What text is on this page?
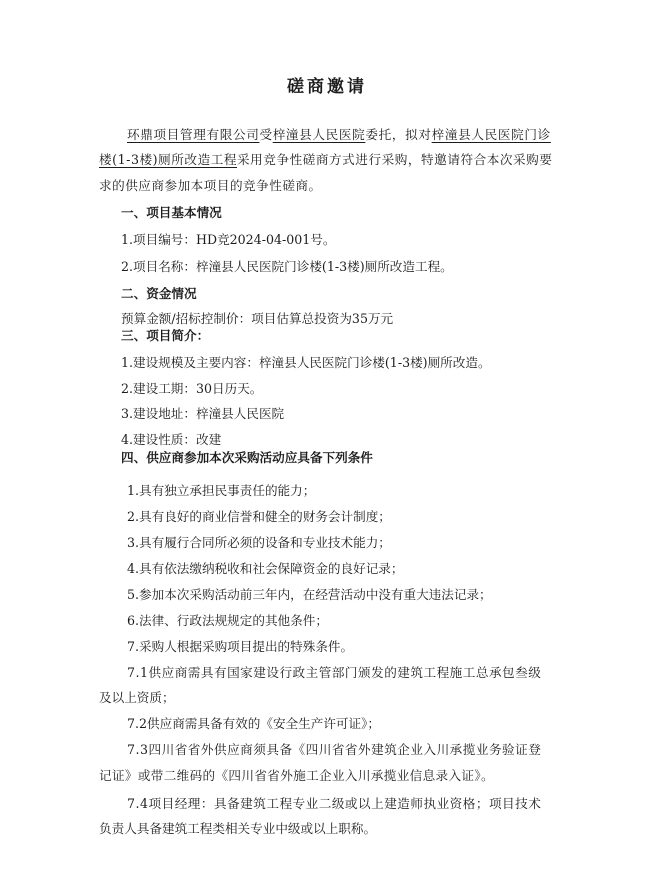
磋商邀请

环鼎项目管理有限公司受梓潼县人民医院委托，拟对梓潼县人民医院门诊

楼(1-3楼)厕所改造工程采用竞争性磋商方式进行采购，特邀请符合本次采购要

求的供应商参加本项目的竞争性磋商。

一、项目基本情况

1.项目编号：HD竞2024-04-001号。

2.项目名称：梓潼县人民医院门诊楼(1-3楼)厕所改造工程。

二、资金情况

预算金额/招标控制价：项目估算总投资为35万元

三、项目简介：

1.建设规模及主要内容：梓潼县人民医院门诊楼(1-3楼)厕所改造。

2.建设工期：30日历天。

3.建设地址：梓潼县人民医院

4.建设性质：改建

四、供应商参加本次采购活动应具备下列条件

1.具有独立承担民事责任的能力；

2.具有良好的商业信誉和健全的财务会计制度；

3.具有履行合同所必须的设备和专业技术能力；

4.具有依法缴纳税收和社会保障资金的良好记录；

5.参加本次采购活动前三年内，在经营活动中没有重大违法记录；

6.法律、行政法规规定的其他条件；

7.采购人根据采购项目提出的特殊条件。

7.1供应商需具有国家建设行政主管部门颁发的建筑工程施工总承包叁级

及以上资质；

7.2供应商需具备有效的《安全生产许可证》；

7.3四川省省外供应商须具备《四川省省外建筑企业入川承揽业务验证登

记证》或带二维码的《四川省省外施工企业入川承揽业信息录入证》。

7.4项目经理：具备建筑工程专业二级或以上建造师执业资格；项目技术

负责人具备建筑工程类相关专业中级或以上职称。
